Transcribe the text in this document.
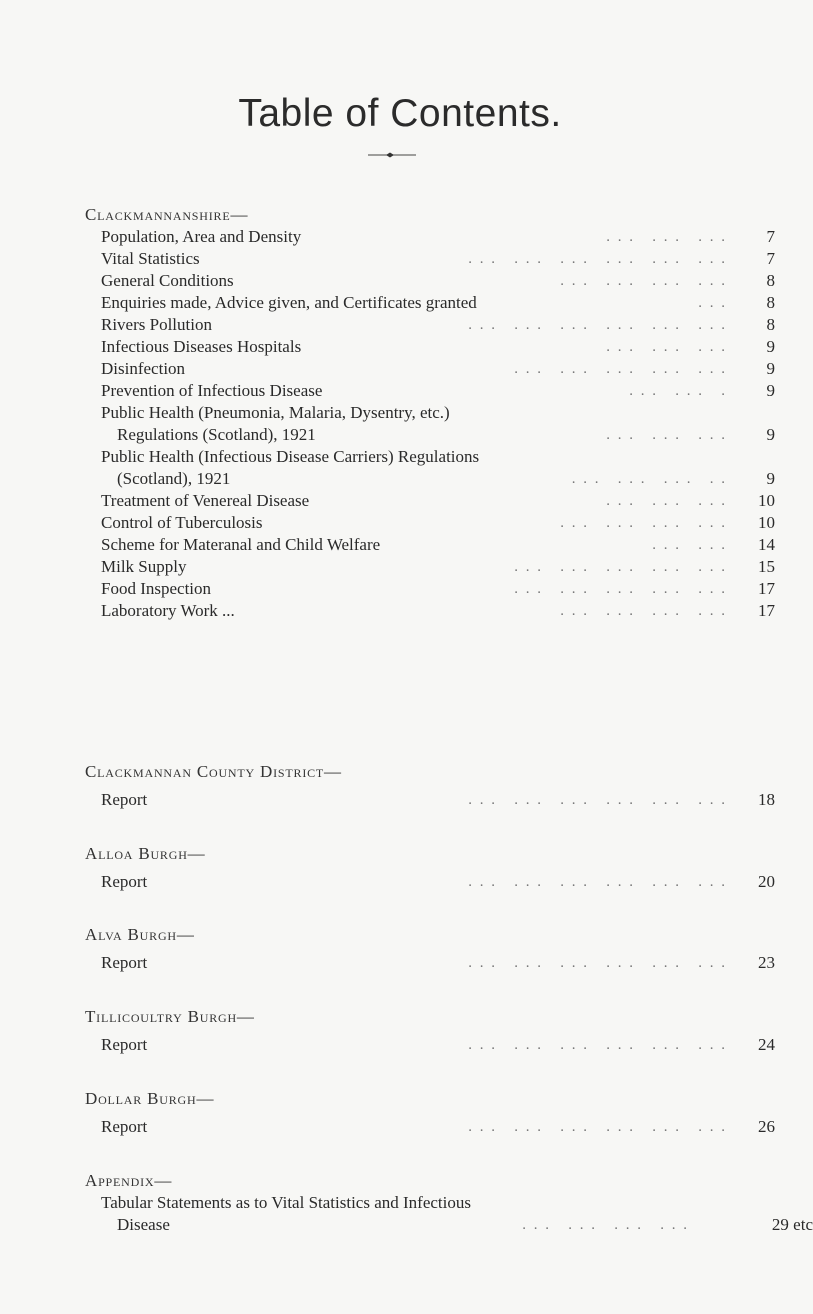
Table of Contents.
Clackmannanshire—
Population, Area and Density	. . .   . . .   . . .	7
Vital Statistics	. . .   . . .   . . .   . . .   . . .   . . .	7
General Conditions	. . .   . . .   . . .   . . .	8
Enquiries made, Advice given, and Certificates granted	. . .	8
Rivers Pollution	. . .   . . .   . . .   . . .   . . .   . . .	8
Infectious Diseases Hospitals	. . .   . . .   . . .	9
Disinfection	. . .   . . .   . . .   . . .   . . .	9
Prevention of Infectious Disease	. . .   . . .   .	9
Public Health (Pneumonia, Malaria, Dysentry, etc.)
Regulations (Scotland), 1921	. . .   . . .   . . .	9
Public Health (Infectious Disease Carriers) Regulations
(Scotland), 1921	. . .   . . .   . . .   . .	9
Treatment of Venereal Disease	. . .   . . .   . . .	10
Control of Tuberculosis	. . .   . . .   . . .   . . .	10
Scheme for Materanal and Child Welfare	. . .   . . .	14
Milk Supply	. . .   . . .   . . .   . . .   . . .	15
Food Inspection	. . .   . . .   . . .   . . .   . . .	17
Laboratory Work ...	. . .   . . .   . . .   . . .	17
Clackmannan County District—
Report	. . .   . . .   . . .   . . .   . . .   . . .	18
Alloa Burgh—
Report	. . .   . . .   . . .   . . .   . . .   . . .	20
Alva Burgh—
Report	. . .   . . .   . . .   . . .   . . .   . . .	23
Tillicoultry Burgh—
Report	. . .   . . .   . . .   . . .   . . .   . . .	24
Dollar Burgh—
Report	. . .   . . .   . . .   . . .   . . .   . . .	26
Appendix—
Tabular Statements as to Vital Statistics and Infectious
Disease	. . .   . . .   . . .   . . .	29 etc
